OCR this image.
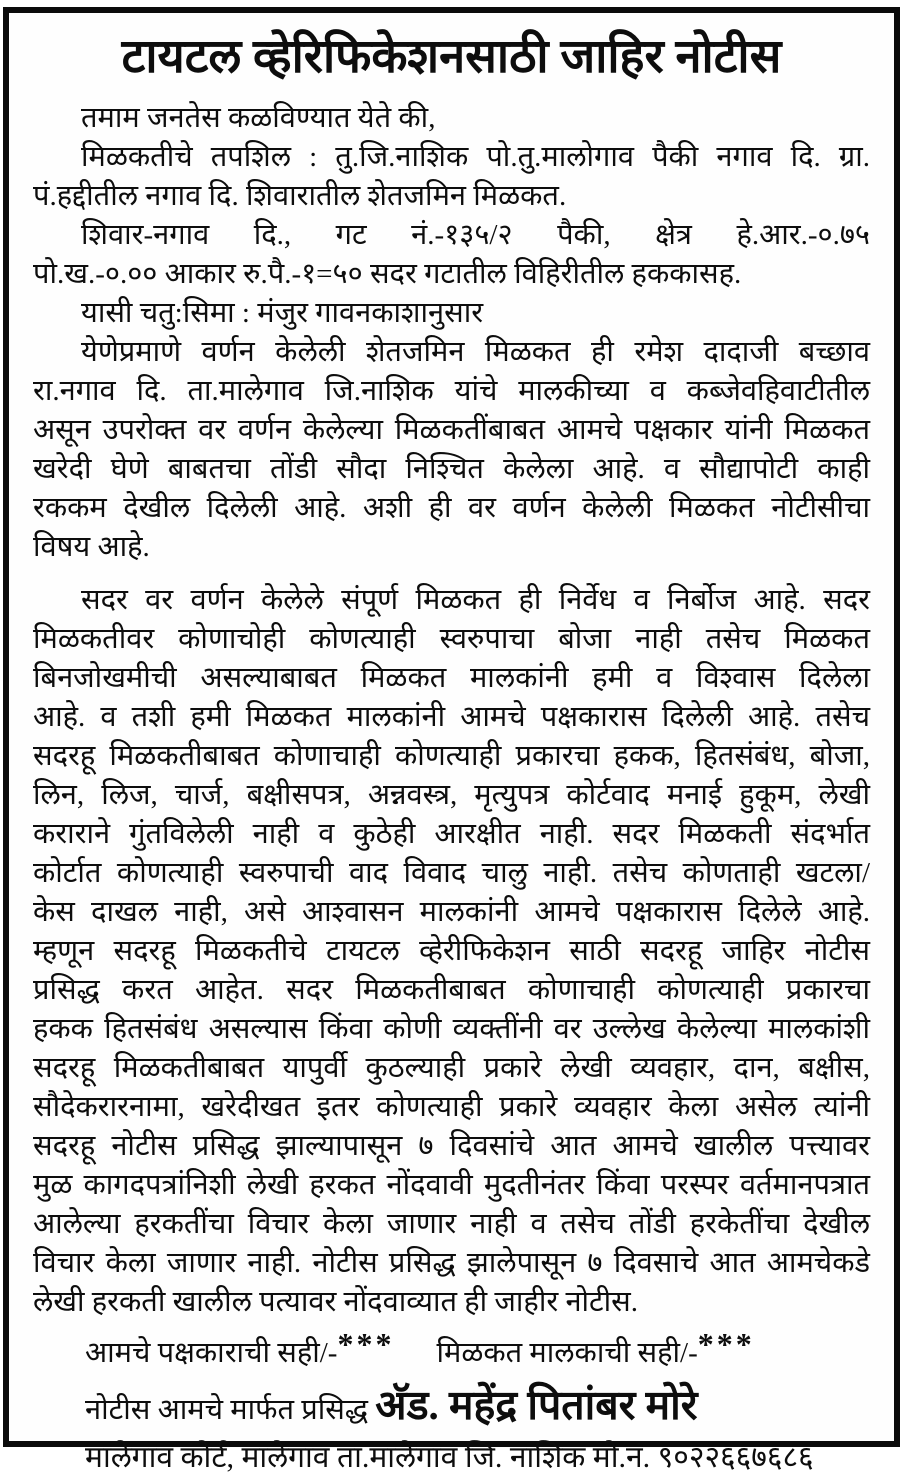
टायटल व्हेरिफिकेशनसाठी जाहिर नोटीस
तमाम जनतेस कळविण्यात येते की,
मिळकतीचे तपशिल : तु.जि.नाशिक पो.तु.मालोगाव पैकी नगाव दि. ग्रा.
पं.हद्दीतील नगाव दि. शिवारातील शेतजमिन मिळकत.
शिवार-नगाव दि., गट नं.-१३५/२ पैकी, क्षेत्र हे.आर.-०.७५
पो.ख.-०.०० आकार रु.पै.-१=५० सदर गटातील विहिरीतील हककासह.
यासी चतु:सिमा : मंजुर गावनकाशानुसार
येणेप्रमाणे वर्णन केलेली शेतजमिन मिळकत ही रमेश दादाजी बच्छाव
रा.नगाव दि. ता.मालेगाव जि.नाशिक यांचे मालकीच्या व कब्जेवहिवाटीतील
असून उपरोक्त वर वर्णन केलेल्या मिळकतींबाबत आमचे पक्षकार यांनी मिळकत
खरेदी घेणे बाबतचा तोंडी सौदा निश्चित केलेला आहे. व सौद्यापोटी काही
रककम देखील दिलेली आहे. अशी ही वर वर्णन केलेली मिळकत नोटीसीचा
विषय आहे.
सदर वर वर्णन केलेले संपूर्ण मिळकत ही निर्वेध व निर्बोज आहे. सदर
मिळकतीवर कोणाचोही कोणत्याही स्वरुपाचा बोजा नाही तसेच मिळकत
बिनजोखमीची असल्याबाबत मिळकत मालकांनी हमी व विश्वास दिलेला
आहे. व तशी हमी मिळकत मालकांनी आमचे पक्षकारास दिलेली आहे. तसेच
सदरहू मिळकतीबाबत कोणाचाही कोणत्याही प्रकारचा हकक, हितसंबंध, बोजा,
लिन, लिज, चार्ज, बक्षीसपत्र, अन्नवस्त्र, मृत्युपत्र कोर्टवाद मनाई हुकूम, लेखी
कराराने गुंतविलेली नाही व कुठेही आरक्षीत नाही. सदर मिळकती संदर्भात
कोर्टात कोणत्याही स्वरुपाची वाद विवाद चालु नाही. तसेच कोणताही खटला/
केस दाखल नाही, असे आश्वासन मालकांनी आमचे पक्षकारास दिलेले आहे.
म्हणून सदरहू मिळकतीचे टायटल व्हेरीफिकेशन साठी सदरहू जाहिर नोटीस
प्रसिद्ध करत आहेत. सदर मिळकतीबाबत कोणाचाही कोणत्याही प्रकारचा
हकक हितसंबंध असल्यास किंवा कोणी व्यक्तींनी वर उल्लेख केलेल्या मालकांशी
सदरहू मिळकतीबाबत यापुर्वी कुठल्याही प्रकारे लेखी व्यवहार, दान, बक्षीस,
सौदेकरारनामा, खरेदीखत इतर कोणत्याही प्रकारे व्यवहार केला असेल त्यांनी
सदरहू नोटीस प्रसिद्ध झाल्यापासून ७ दिवसांचे आत आमचे खालील पत्त्यावर
मुळ कागदपत्रांनिशी लेखी हरकत नोंदवावी मुदतीनंतर किंवा परस्पर वर्तमानपत्रात
आलेल्या हरकतींचा विचार केला जाणार नाही व तसेच तोंडी हरकेतींचा देखील
विचार केला जाणार नाही. नोटीस प्रसिद्ध झालेपासून ७ दिवसाचे आत आमचेकडे
लेखी हरकती खालील पत्यावर नोंदवाव्यात ही जाहीर नोटीस.
आमचे पक्षकाराची सही/-*** मिळकत मालकाची सही/-***
नोटीस आमचे मार्फत प्रसिद्ध अ‍ॅड. महेंद्र पितांबर मोरे
मालेगाव कोर्ट, मालेगाव ता.मालेगाव जि. नाशिक मो.नं. ९०२२६६७६८६
